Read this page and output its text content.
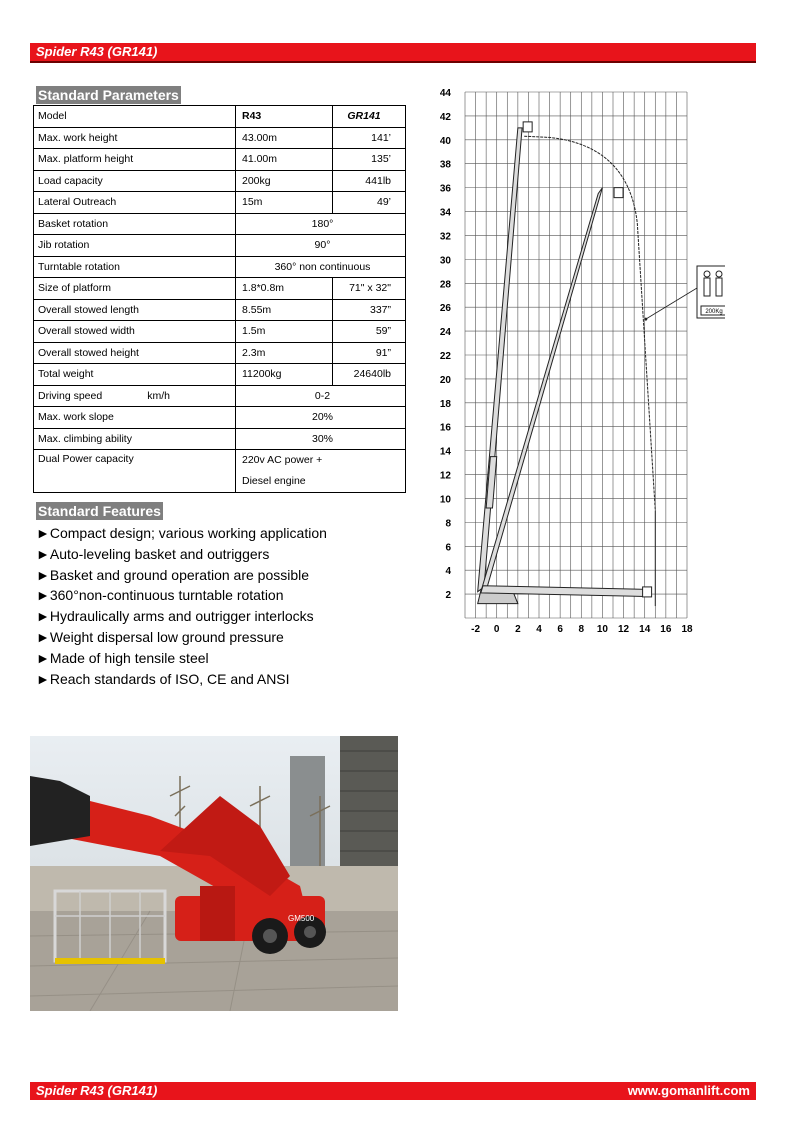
Spider R43 (GR141)
Standard Parameters
Model	R43	GR141
Max. work height	43.00m	141’
Max. platform height	41.00m	135’
Load capacity	200kg	441lb
Lateral Outreach	15m	49’
Basket rotation	180°	
Jib rotation	90°	
Turntable rotation	360° non continuous	
Size of platform	1.8*0.8m	71" x 32"
Overall stowed length	8.55m	337”
Overall stowed width	1.5m	59”
Overall stowed height	2.3m	91”
Total weight	11200kg	24640lb
Driving speed km/h	0-2	
Max. work slope	20%	
Max. climbing ability	30%	
Dual Power capacity	220v AC power +
Diesel engine	
Standard Features
►Compact design; various working application
►Auto-leveling basket and outriggers
►Basket and ground operation are possible
►360°non-continuous turntable rotation
►Hydraulically arms and outrigger interlocks
►Weight dispersal low ground pressure
►Made of high tensile steel
►Reach standards of ISO, CE and ANSI
-2 0 2 4 6 8 10 12 14 16 18
2
4
6
8
10
12
14
16
18
20
22
24
26
28
30
32
34
36
38
40
42
44
200Kg
GM500
Spider R43 (GR141)	www.gomanlift.com
